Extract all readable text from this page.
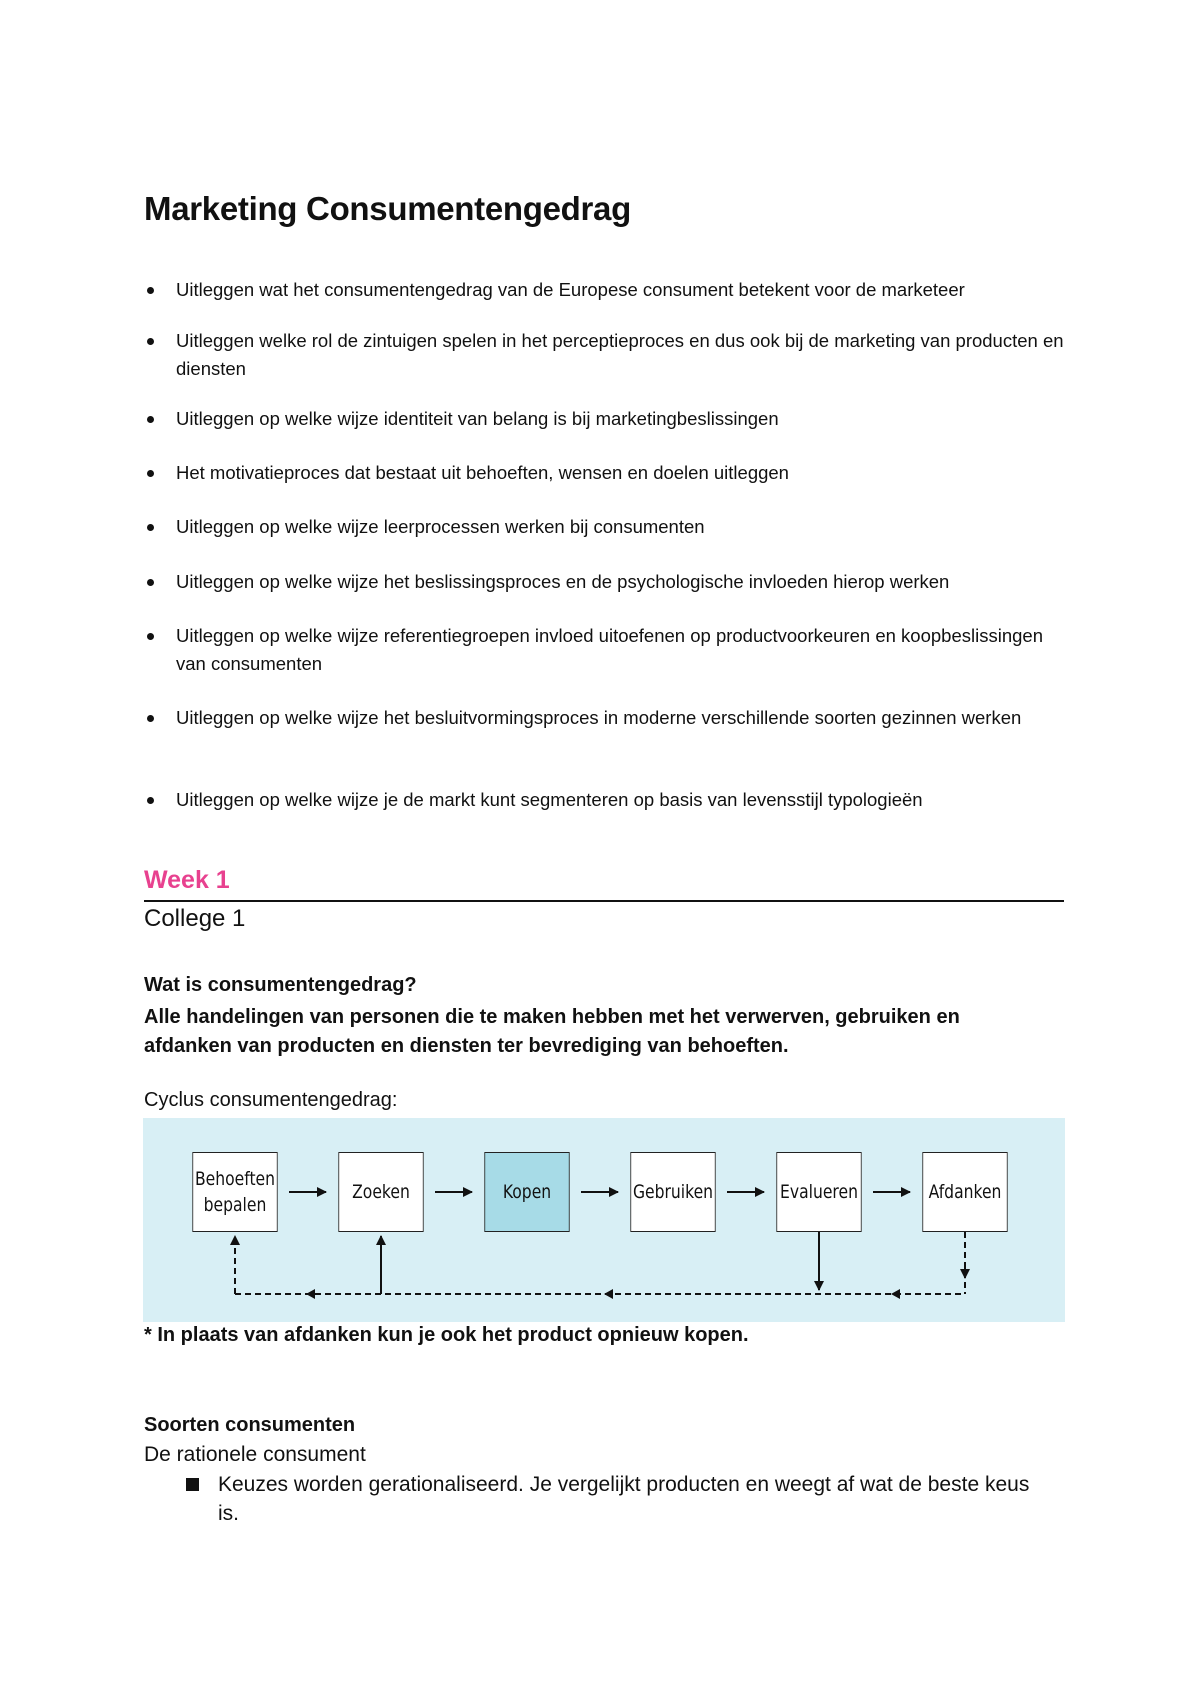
Marketing Consumentengedrag
Uitleggen wat het consumentengedrag van de Europese consument betekent voor de marketeer
Uitleggen welke rol de zintuigen spelen in het perceptieproces en dus ook bij de marketing van producten en diensten
Uitleggen op welke wijze identiteit van belang is bij marketingbeslissingen
Het motivatieproces dat bestaat uit behoeften, wensen en doelen uitleggen
Uitleggen op welke wijze leerprocessen werken bij consumenten
Uitleggen op welke wijze het beslissingsproces en de psychologische invloeden hierop werken
Uitleggen op welke wijze referentiegroepen invloed uitoefenen op productvoorkeuren en koopbeslissingen van consumenten
Uitleggen op welke wijze het besluitvormingsproces in moderne verschillende soorten gezinnen werken
Uitleggen op welke wijze je de markt kunt segmenteren op basis van levensstijl typologieën
Week 1
College 1
Wat is consumentengedrag?
Alle handelingen van personen die te maken hebben met het verwerven, gebruiken en afdanken van producten en diensten ter bevrediging van behoeften.
Cyclus consumentengedrag:
Behoeften bepalen
Zoeken	Kopen	Gebruiken	Evalueren	Afdanken
* In plaats van afdanken kun je ook het product opnieuw kopen.
Soorten consumenten
De rationele consument
Keuzes worden gerationaliseerd. Je vergelijkt producten en weegt af wat de beste keus is.
